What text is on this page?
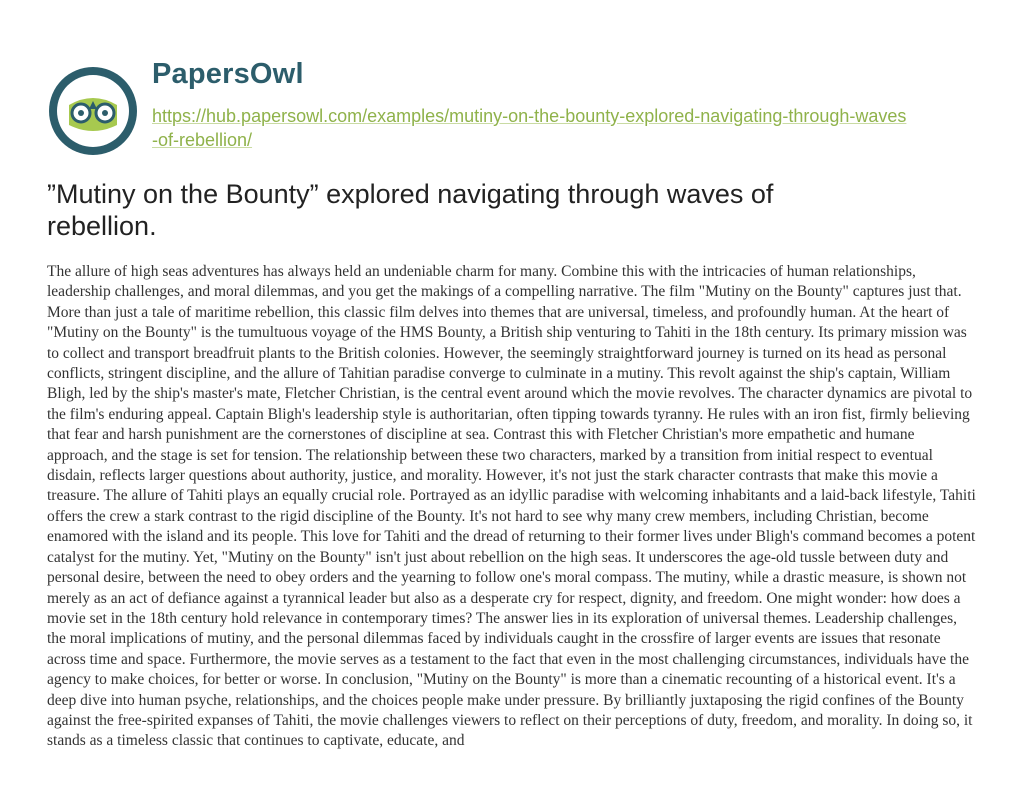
PapersOwl
https://hub.papersowl.com/examples/mutiny-on-the-bounty-explored-navigating-through-waves-of-rebellion/
”Mutiny on the Bounty” explored navigating through waves of rebellion.

The allure of high seas adventures has always held an undeniable charm for many. Combine this with the intricacies of human relationships, leadership challenges, and moral dilemmas, and you get the makings of a compelling narrative. The film "Mutiny on the Bounty" captures just that. More than just a tale of maritime rebellion, this classic film delves into themes that are universal, timeless, and profoundly human. At the heart of "Mutiny on the Bounty" is the tumultuous voyage of the HMS Bounty, a British ship venturing to Tahiti in the 18th century. Its primary mission was to collect and transport breadfruit plants to the British colonies. However, the seemingly straightforward journey is turned on its head as personal conflicts, stringent discipline, and the allure of Tahitian paradise converge to culminate in a mutiny. This revolt against the ship's captain, William Bligh, led by the ship's master's mate, Fletcher Christian, is the central event around which the movie revolves. The character dynamics are pivotal to the film's enduring appeal. Captain Bligh's leadership style is authoritarian, often tipping towards tyranny. He rules with an iron fist, firmly believing that fear and harsh punishment are the cornerstones of discipline at sea. Contrast this with Fletcher Christian's more empathetic and humane approach, and the stage is set for tension. The relationship between these two characters, marked by a transition from initial respect to eventual disdain, reflects larger questions about authority, justice, and morality. However, it's not just the stark character contrasts that make this movie a treasure. The allure of Tahiti plays an equally crucial role. Portrayed as an idyllic paradise with welcoming inhabitants and a laid-back lifestyle, Tahiti offers the crew a stark contrast to the rigid discipline of the Bounty. It's not hard to see why many crew members, including Christian, become enamored with the island and its people. This love for Tahiti and the dread of returning to their former lives under Bligh's command becomes a potent catalyst for the mutiny. Yet, "Mutiny on the Bounty" isn't just about rebellion on the high seas. It underscores the age-old tussle between duty and personal desire, between the need to obey orders and the yearning to follow one's moral compass. The mutiny, while a drastic measure, is shown not merely as an act of defiance against a tyrannical leader but also as a desperate cry for respect, dignity, and freedom. One might wonder: how does a movie set in the 18th century hold relevance in contemporary times? The answer lies in its exploration of universal themes. Leadership challenges, the moral implications of mutiny, and the personal dilemmas faced by individuals caught in the crossfire of larger events are issues that resonate across time and space. Furthermore, the movie serves as a testament to the fact that even in the most challenging circumstances, individuals have the agency to make choices, for better or worse. In conclusion, "Mutiny on the Bounty" is more than a cinematic recounting of a historical event. It's a deep dive into human psyche, relationships, and the choices people make under pressure. By brilliantly juxtaposing the rigid confines of the Bounty against the free-spirited expanses of Tahiti, the movie challenges viewers to reflect on their perceptions of duty, freedom, and morality. In doing so, it stands as a timeless classic that continues to captivate, educate, and
